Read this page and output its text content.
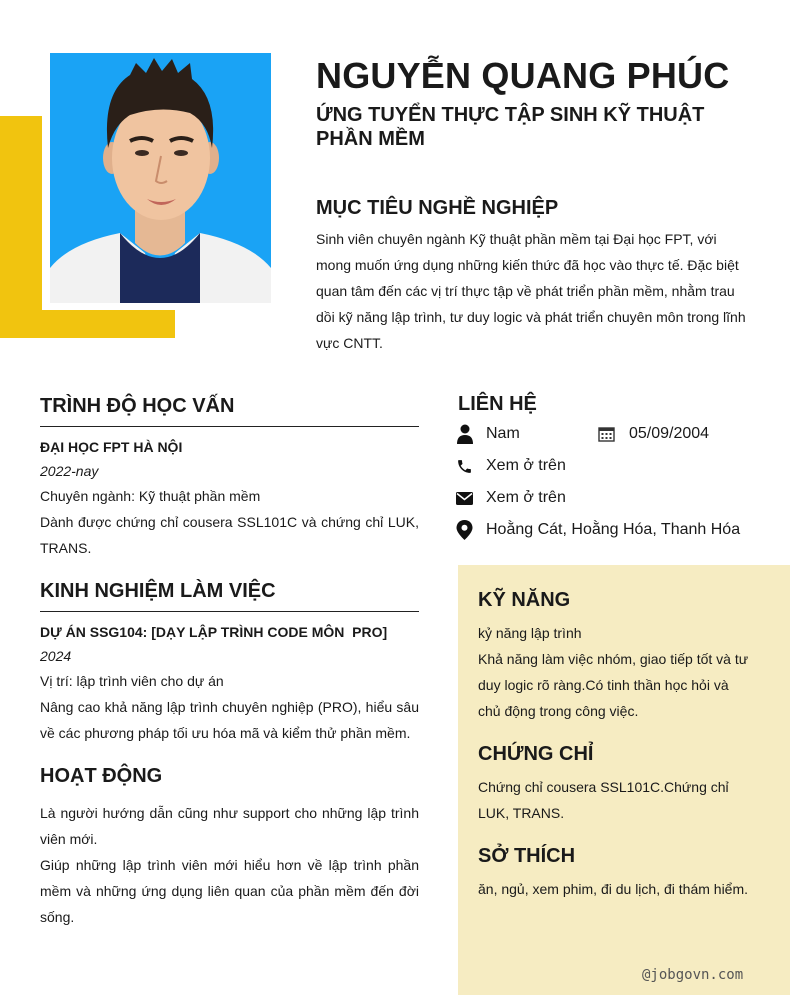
NGUYỄN QUANG PHÚC
ỨNG TUYỂN THỰC TẬP SINH KỸ THUẬT PHẦN MỀM
MỤC TIÊU NGHỀ NGHIỆP
Sinh viên chuyên ngành Kỹ thuật phần mềm tại Đại học FPT, với mong muốn ứng dụng những kiến thức đã học vào thực tế. Đặc biệt quan tâm đến các vị trí thực tập về phát triển phần mềm, nhằm trau dồi kỹ năng lập trình, tư duy logic và phát triển chuyên môn trong lĩnh vực CNTT.
TRÌNH ĐỘ HỌC VẤN
ĐẠI HỌC FPT HÀ NỘI
2022-nay
Chuyên ngành: Kỹ thuật phần mềm
Dành được chứng chỉ cousera SSL101C và chứng chỉ LUK, TRANS.
KINH NGHIỆM LÀM VIỆC
DỰ ÁN SSG104: [DẠY LẬP TRÌNH CODE MÔN  PRO]
2024
Vị trí: lập trình viên cho dự án
Nâng cao khả năng lập trình chuyên nghiệp (PRO), hiểu sâu về các phương pháp tối ưu hóa mã và kiểm thử phần mềm.
HOẠT ĐỘNG
Là người hướng dẫn cũng như support cho những lập trình viên mới.
Giúp những lập trình viên mới hiểu hơn về lập trình phần mềm và những ứng dụng liên quan của phần mềm đến đời sống.
LIÊN HỆ
Nam	05/09/2004
Xem ở trên
Xem ở trên
Hoằng Cát, Hoằng Hóa, Thanh Hóa
KỸ NĂNG
kỷ năng lập trình
Khả năng làm việc nhóm, giao tiếp tốt và tư duy logic rõ ràng.Có tinh thần học hỏi và chủ động trong công việc.
CHỨNG CHỈ
Chứng chỉ cousera SSL101C.Chứng chỉ LUK, TRANS.
SỞ THÍCH
ăn, ngủ, xem phim, đi du lịch, đi thám hiểm.
@jobgovn.com
